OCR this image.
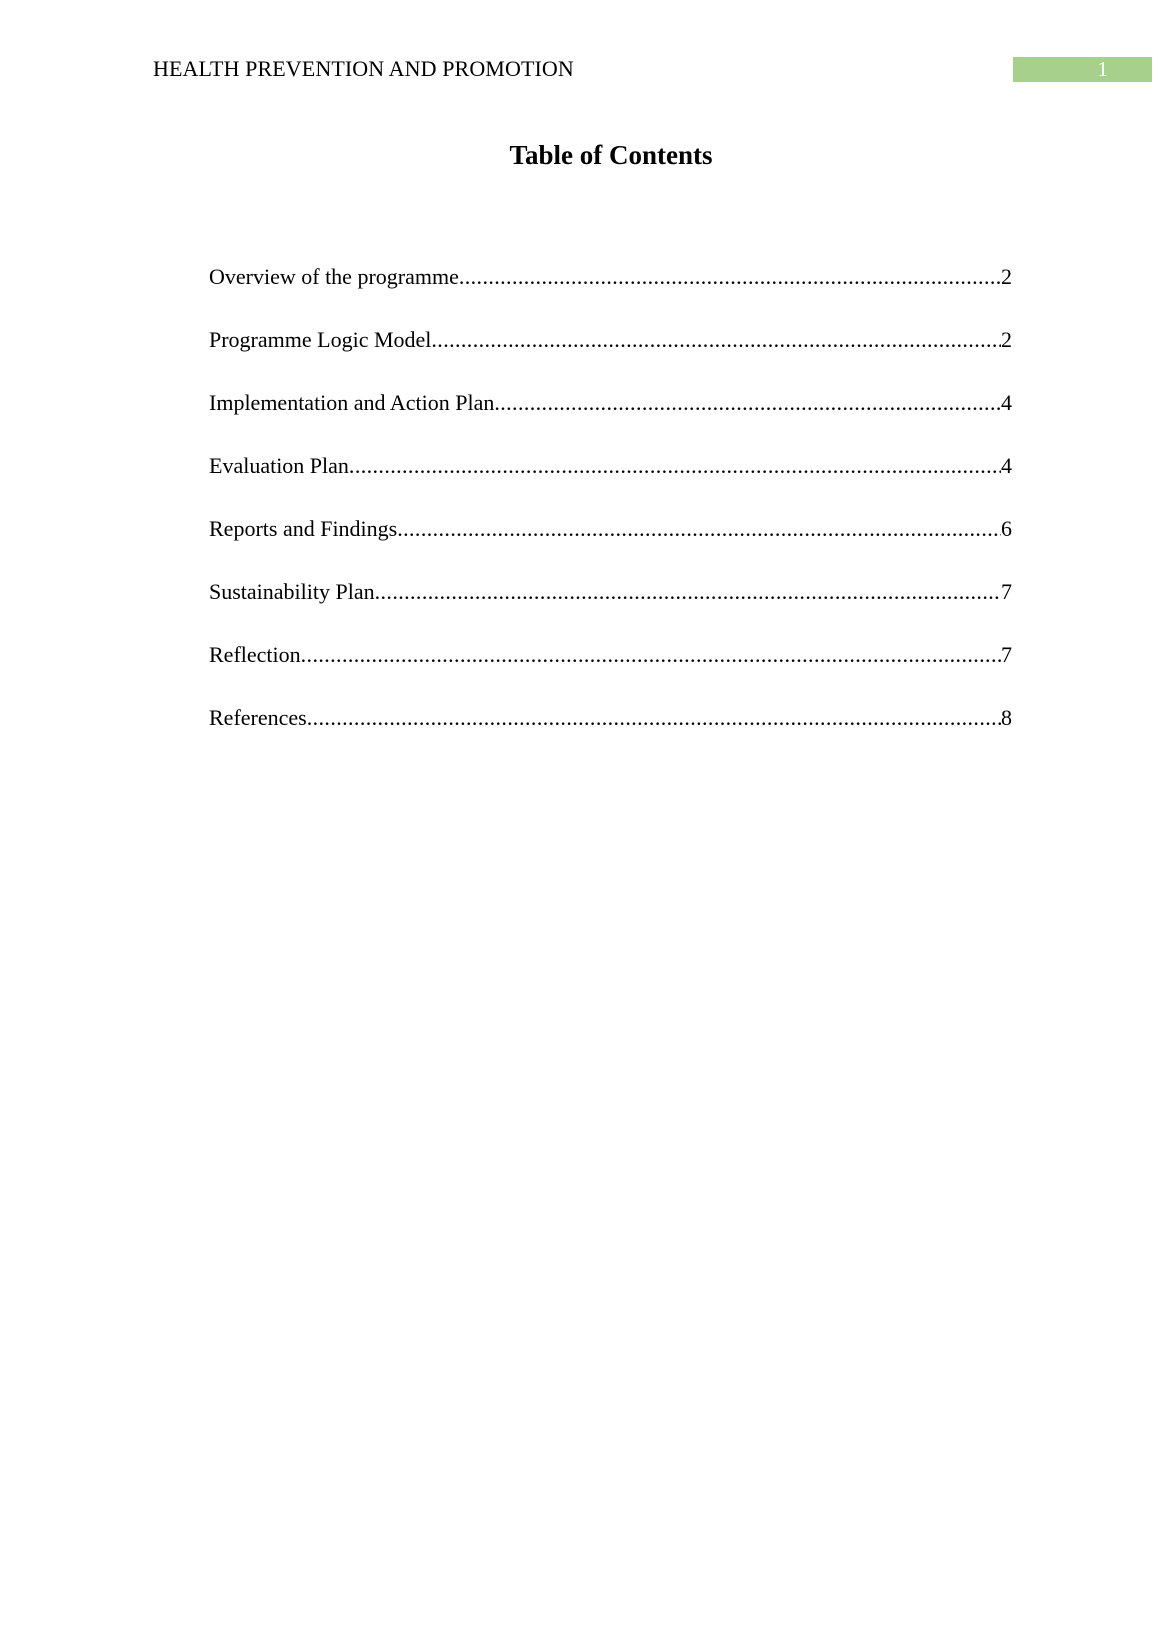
HEALTH PREVENTION AND PROMOTION	1
Table of Contents
Overview of the programme .....	2
Programme Logic Model .....	2
Implementation and Action Plan .....	4
Evaluation Plan .....	4
Reports and Findings .....	6
Sustainability Plan .....	7
Reflection .....	7
References .....	8
